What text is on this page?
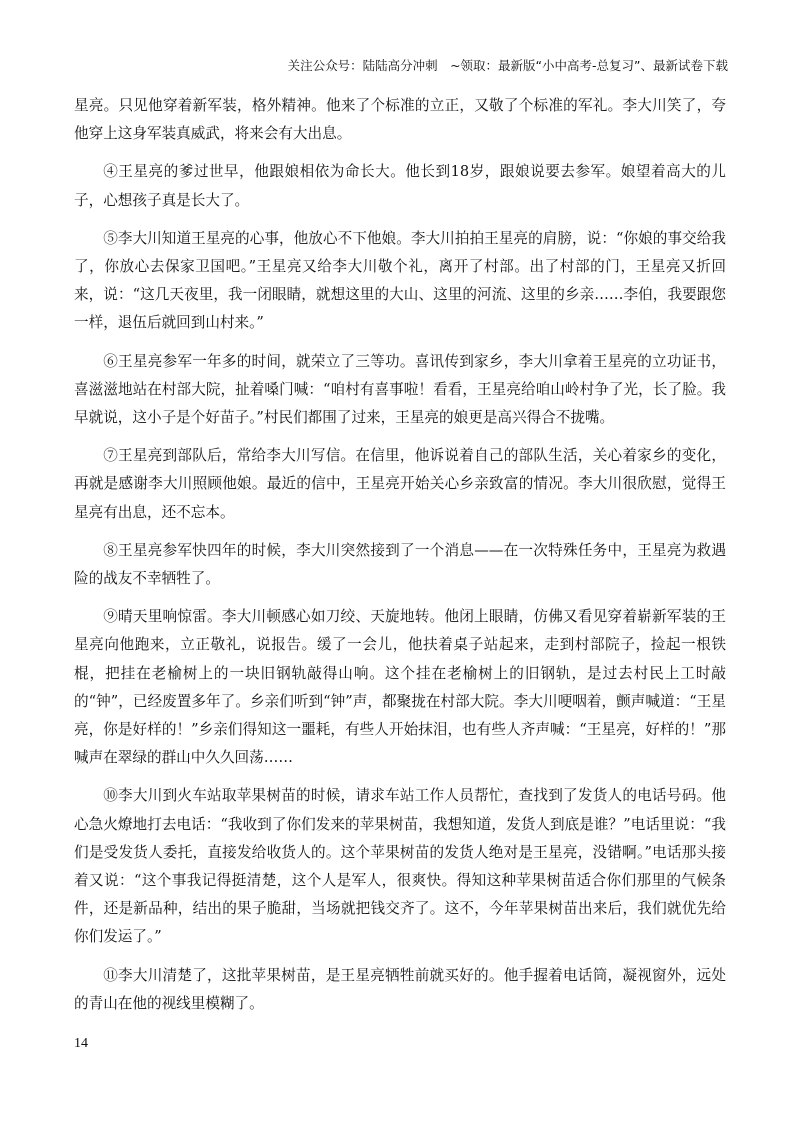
关注公众号：陆陆高分冲刺　~领取：最新版“小中高考-总复习”、最新试卷下载

星亮。只见他穿着新军装，格外精神。他来了个标准的立正，又敬了个标准的军礼。李大川笑了，夸他穿上这身军装真威武，将来会有大出息。

④王星亮的爹过世早，他跟娘相依为命长大。他长到18岁，跟娘说要去参军。娘望着高大的儿子，心想孩子真是长大了。

⑤李大川知道王星亮的心事，他放心不下他娘。李大川拍拍王星亮的肩膀，说：“你娘的事交给我了，你放心去保家卫国吧。”王星亮又给李大川敬个礼，离开了村部。出了村部的门，王星亮又折回来，说：“这几天夜里，我一闭眼睛，就想这里的大山、这里的河流、这里的乡亲……李伯，我要跟您一样，退伍后就回到山村来。”

⑥王星亮参军一年多的时间，就荣立了三等功。喜讯传到家乡，李大川拿着王星亮的立功证书，喜滋滋地站在村部大院，扯着嗓门喊：“咱村有喜事啦！看看，王星亮给咱山岭村争了光，长了脸。我早就说，这小子是个好苗子。”村民们都围了过来，王星亮的娘更是高兴得合不拢嘴。

⑦王星亮到部队后，常给李大川写信。在信里，他诉说着自己的部队生活，关心着家乡的变化，再就是感谢李大川照顾他娘。最近的信中，王星亮开始关心乡亲致富的情况。李大川很欣慰，觉得王星亮有出息，还不忘本。

⑧王星亮参军快四年的时候，李大川突然接到了一个消息——在一次特殊任务中，王星亮为救遇险的战友不幸牺牲了。

⑨晴天里响惊雷。李大川顿感心如刀绞、天旋地转。他闭上眼睛，仿佛又看见穿着崭新军装的王星亮向他跑来，立正敬礼，说报告。缓了一会儿，他扶着桌子站起来，走到村部院子，捡起一根铁棍，把挂在老榆树上的一块旧钢轨敲得山响。这个挂在老榆树上的旧钢轨，是过去村民上工时敲的“钟”，已经废置多年了。乡亲们听到“钟”声，都聚拢在村部大院。李大川哽咽着，颤声喊道：“王星亮，你是好样的！”乡亲们得知这一噩耗，有些人开始抹泪，也有些人齐声喊：“王星亮，好样的！”那喊声在翠绿的群山中久久回荡……

⑩李大川到火车站取苹果树苗的时候，请求车站工作人员帮忙，查找到了发货人的电话号码。他心急火燎地打去电话：“我收到了你们发来的苹果树苗，我想知道，发货人到底是谁？”电话里说：“我们是受发货人委托，直接发给收货人的。这个苹果树苗的发货人绝对是王星亮，没错啊。”电话那头接着又说：“这个事我记得挺清楚，这个人是军人，很爽快。得知这种苹果树苗适合你们那里的气候条件，还是新品种，结出的果子脆甜，当场就把钱交齐了。这不，今年苹果树苗出来后，我们就优先给你们发运了。”

⑪李大川清楚了，这批苹果树苗，是王星亮牺牲前就买好的。他手握着电话筒，凝视窗外，远处的青山在他的视线里模糊了。

14
